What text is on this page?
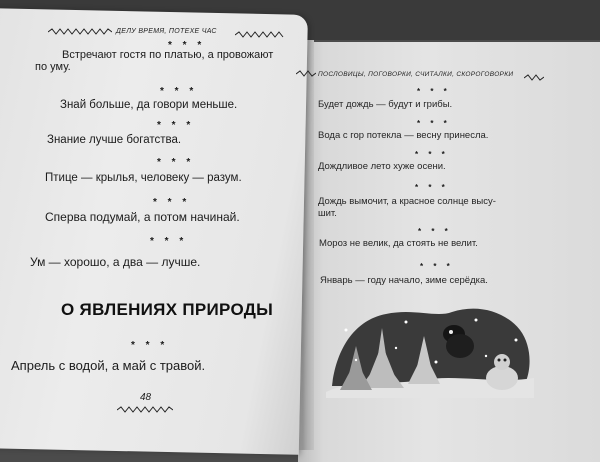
ДЕЛУ ВРЕМЯ, ПОТЕХЕ ЧАС
* * *
Встречают гостя по платью, а провожают
по уму.
* * *
Знай больше, да говори меньше.
* * *
Знание лучше богатства.
* * *
Птице — крылья, человеку — разум.
* * *
Сперва подумай, а потом начинай.
* * *
Ум — хорошо, а два — лучше.
О ЯВЛЕНИЯХ ПРИРОДЫ
* * *
Апрель с водой, а май с травой.
48
ПОСЛОВИЦЫ, ПОГОВОРКИ, СЧИТАЛКИ, СКОРОГОВОРКИ
* * *
Будет дождь — будут и грибы.
* * *
Вода с гор потекла — весну принесла.
* * *
Дождливое лето хуже осени.
* * *
Дождь вымочит, а красное солнце высу-
шит.
* * *
Мороз не велик, да стоять не велит.
* * *
Январь — году начало, зиме серёдка.
